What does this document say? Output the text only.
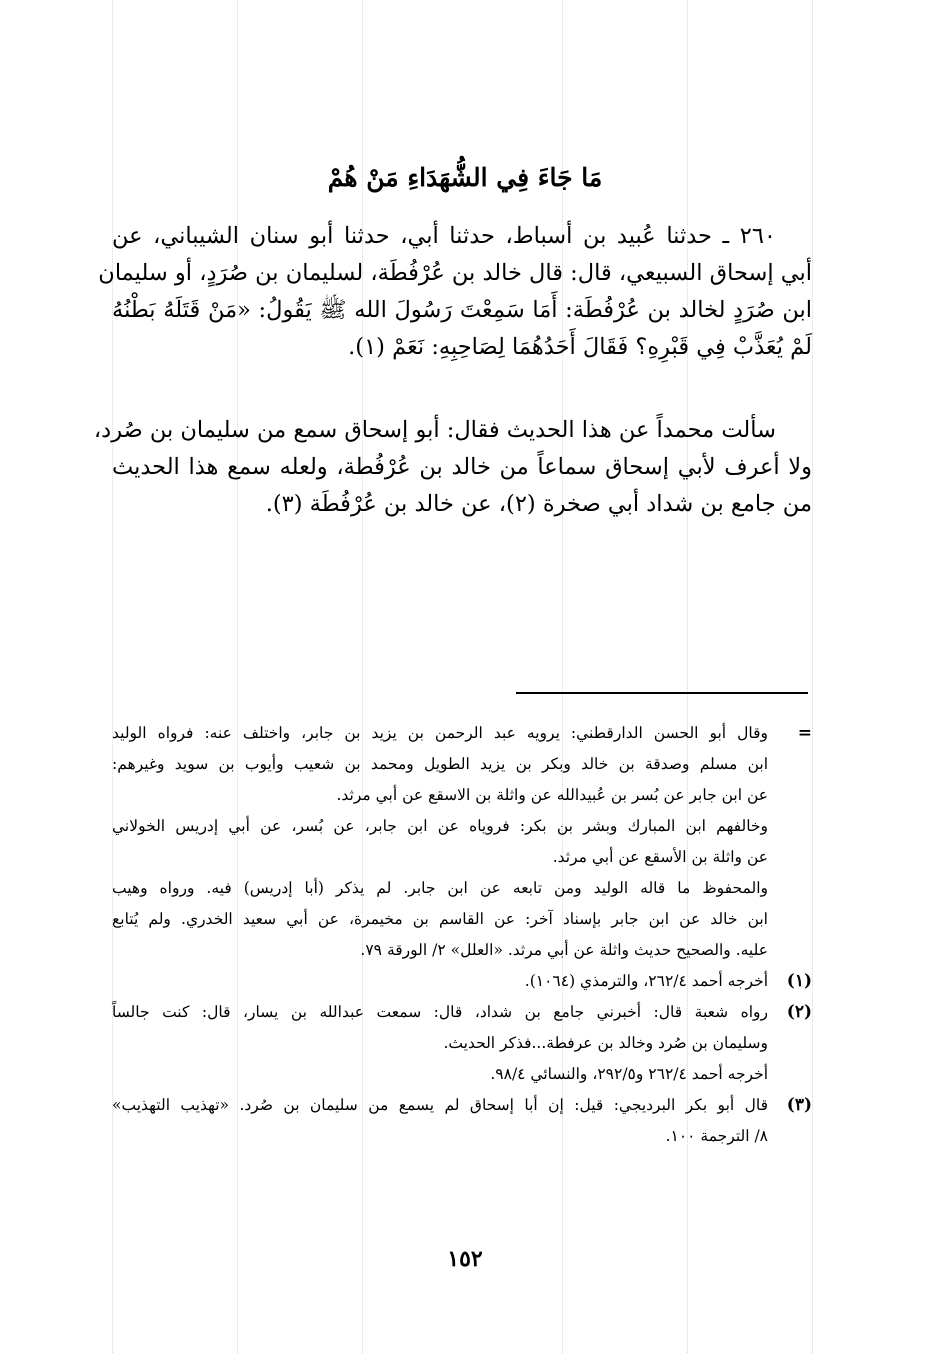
مَا جَاءَ فِي الشُّهَدَاءِ مَنْ هُمْ
٢٦٠ ـ حدثنا عُبيد بن أسباط، حدثنا أبي، حدثنا أبو سنان الشيباني، عن
أبي إسحاق السبيعي، قال: قال خالد بن عُرْفُطَة، لسليمان بن صُرَدٍ، أو سليمان
ابن صُرَدٍ لخالد بن عُرْفُطَة: أَمَا سَمِعْتَ رَسُولَ الله ﷺ يَقُولُ: «مَنْ قَتَلَهُ بَطْنُهُ
لَمْ يُعَذَّبْ فِي قَبْرِهِ؟ فَقَالَ أَحَدُهُمَا لِصَاحِبِهِ: نَعَمْ (١).
سألت محمداً عن هذا الحديث فقال: أبو إسحاق سمع من سليمان بن صُرد،
ولا أعرف لأبي إسحاق سماعاً من خالد بن عُرْفُطة، ولعله سمع هذا الحديث
من جامع بن شداد أبي صخرة (٢)، عن خالد بن عُرْفُطَة (٣).
=
وقال أبو الحسن الدارقطني: يرويه عبد الرحمن بن يزيد بن جابر، واختلف عنه: فرواه الوليد
ابن مسلم وصدقة بن خالد وبكر بن يزيد الطويل ومحمد بن شعيب وأيوب بن سويد وغيرهم:
عن ابن جابر عن بُسر بن عُبيدالله عن واثلة بن الاسقع عن أبي مرثد.
وخالفهم ابن المبارك وبشر بن بكر: فروياه عن ابن جابر، عن بُسر، عن أبي إدريس الخولاني
عن واثلة بن الأسقع عن أبي مرثد.
والمحفوظ ما قاله الوليد ومن تابعه عن ابن جابر. لم يذكر (أبا إدريس) فيه. ورواه وهيب
ابن خالد عن ابن جابر بإسناد آخر: عن القاسم بن مخيمرة، عن أبي سعيد الخدري. ولم يُتابع
عليه. والصحيح حديث واثلة عن أبي مرثد. «العلل» ٢/ الورقة ٧٩.
(١)
أخرجه أحمد ٢٦٢/٤، والترمذي (١٠٦٤).
(٢)
رواه شعبة قال: أخبرني جامع بن شداد، قال: سمعت عبدالله بن يسار، قال: كنت جالساً
وسليمان بن صُرد وخالد بن عرفطة...فذكر الحديث.
أخرجه أحمد ٢٦٢/٤ و٢٩٢/٥، والنسائي ٩٨/٤.
(٣)
قال أبو بكر البرديجي: قيل: إن أبا إسحاق لم يسمع من سليمان بن صُرد. «تهذيب التهذيب»
٨/ الترجمة ١٠٠.
١٥٢
